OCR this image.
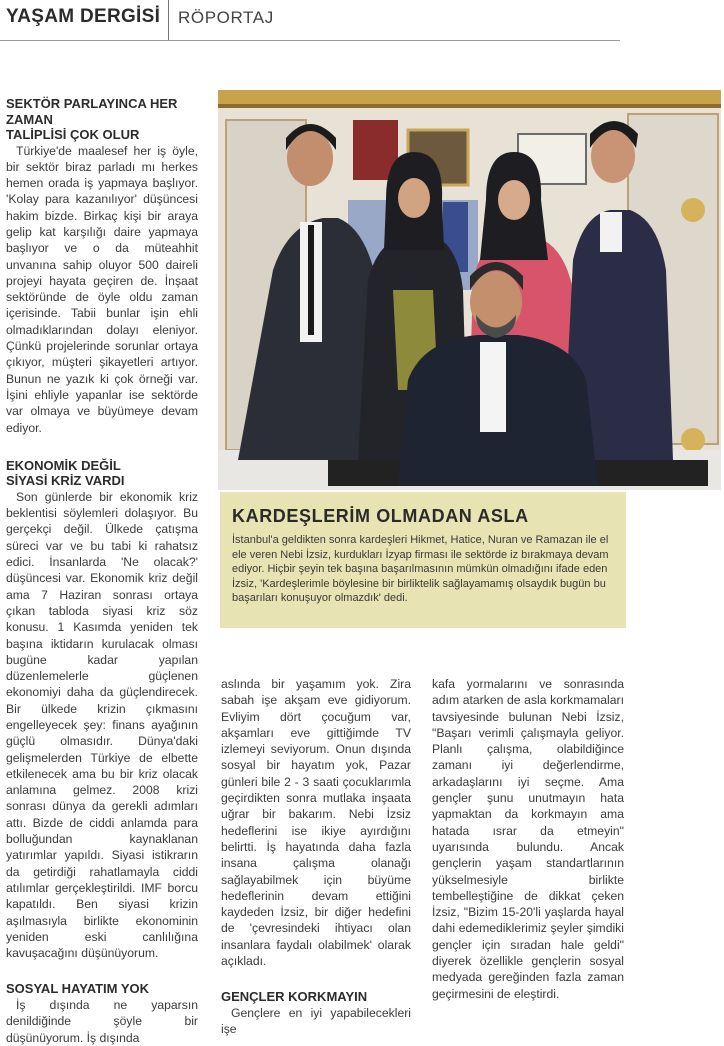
YAŞAM DERGİSİ RÖPORTAJ
SEKTÖR PARLAYINCA HER ZAMAN
TALİPLİSİ ÇOK OLUR

Türkiye'de maalesef her iş öyle, bir sektör biraz parladı mı herkes hemen orada iş yapmaya başlıyor. 'Kolay para kazanılıyor' düşüncesi hakim bizde. Birkaç kişi bir araya gelip kat karşılığı daire yapmaya başlıyor ve o da müteahhit unvanına sahip oluyor 500 daireli projeyi hayata geçiren de. İnşaat sektöründe de öyle oldu zaman içerisinde. Tabii bunlar işin ehli olmadıklarından dolayı eleniyor. Çünkü projelerinde sorunlar ortaya çıkıyor, müşteri şikayetleri artıyor. Bunun ne yazık ki çok örneği var. İşini ehliyle yapanlar ise sektörde var olmaya ve büyümeye devam ediyor.

EKONOMİK DEĞİL
SİYASİ KRİZ VARDI

Son günlerde bir ekonomik kriz beklentisi söylemleri dolaşıyor. Bu gerçekçi değil. Ülkede çatışma süreci var ve bu tabi ki rahatsız edici. İnsanlarda 'Ne olacak?' düşüncesi var. Ekonomik kriz değil ama 7 Haziran sonrası ortaya çıkan tabloda siyasi kriz söz konusu. 1 Kasımda yeniden tek başına iktidarın kurulacak olması bugüne kadar yapılan düzenlemelerle güçlenen ekonomiyi daha da güçlendirecek. Bir ülkede krizin çıkmasını engelleyecek şey: finans ayağının güçlü olmasıdır. Dünya'daki gelişmelerden Türkiye de elbette etkilenecek ama bu bir kriz olacak anlamına gelmez. 2008 krizi sonrası dünya da gerekli adımları attı. Bizde de ciddi anlamda para bolluğundan kaynaklanan yatırımlar yapıldı. Siyasi istikrarın da getirdiği rahatlamayla ciddi atılımlar gerçekleştirildi. IMF borcu kapatıldı. Ben siyasi krizin aşılmasıyla birlikte ekonominin yeniden eski canlılığına kavuşacağını düşünüyorum.

SOSYAL HAYATIM YOK

İş dışında ne yaparsın denildiğinde şöyle bir düşünüyorum. İş dışında

KARDEŞLERİM OLMADAN ASLA

İstanbul'a geldikten sonra kardeşleri Hikmet, Hatice, Nuran ve Ramazan ile el ele veren Nebi İzsiz, kurdukları İzyap firması ile sektörde iz bırakmaya devam ediyor. Hiçbir şeyin tek başına başarılmasının mümkün olmadığını ifade eden İzsiz, 'Kardeşlerimle böylesine bir birliktelik sağlayamamış olsaydık bugün bu başarıları konuşuyor olmazdık' dedi.

aslında bir yaşamım yok. Zira sabah işe akşam eve gidiyorum. Evliyim dört çocuğum var, akşamları eve gittiğimde TV izlemeyi seviyorum. Onun dışında sosyal bir hayatım yok, Pazar günleri bile 2 - 3 saati çocuklarımla geçirdikten sonra mutlaka inşaata uğrar bir bakarım. Nebi İzsiz hedeflerini ise ikiye ayırdığını belirtti. İş hayatında daha fazla insana çalışma olanağı sağlayabilmek için büyüme hedeflerinin devam ettiğini kaydeden İzsiz, bir diğer hedefini de 'çevresindeki ihtiyacı olan insanlara faydalı olabilmek' olarak açıkladı.

GENÇLER KORKMAYIN

Gençlere en iyi yapabilecekleri işe

kafa yormalarını ve sonrasında adım atarken de asla korkmamaları tavsiyesinde bulunan Nebi İzsiz, "Başarı verimli çalışmayla geliyor. Planlı çalışma, olabildiğince zamanı iyi değerlendirme, arkadaşlarını iyi seçme. Ama gençler şunu unutmayın hata yapmaktan da korkmayın ama hatada ısrar da etmeyin" uyarısında bulundu. Ancak gençlerin yaşam standartlarının yükselmesiyle birlikte tembelleştiğine de dikkat çeken İzsiz, "Bizim 15-20'li yaşlarda hayal dahi edemediklerimiz şeyler şimdiki gençler için sıradan hale geldi" diyerek özellikle gençlerin sosyal medyada gereğinden fazla zaman geçirmesini de eleştirdi.
